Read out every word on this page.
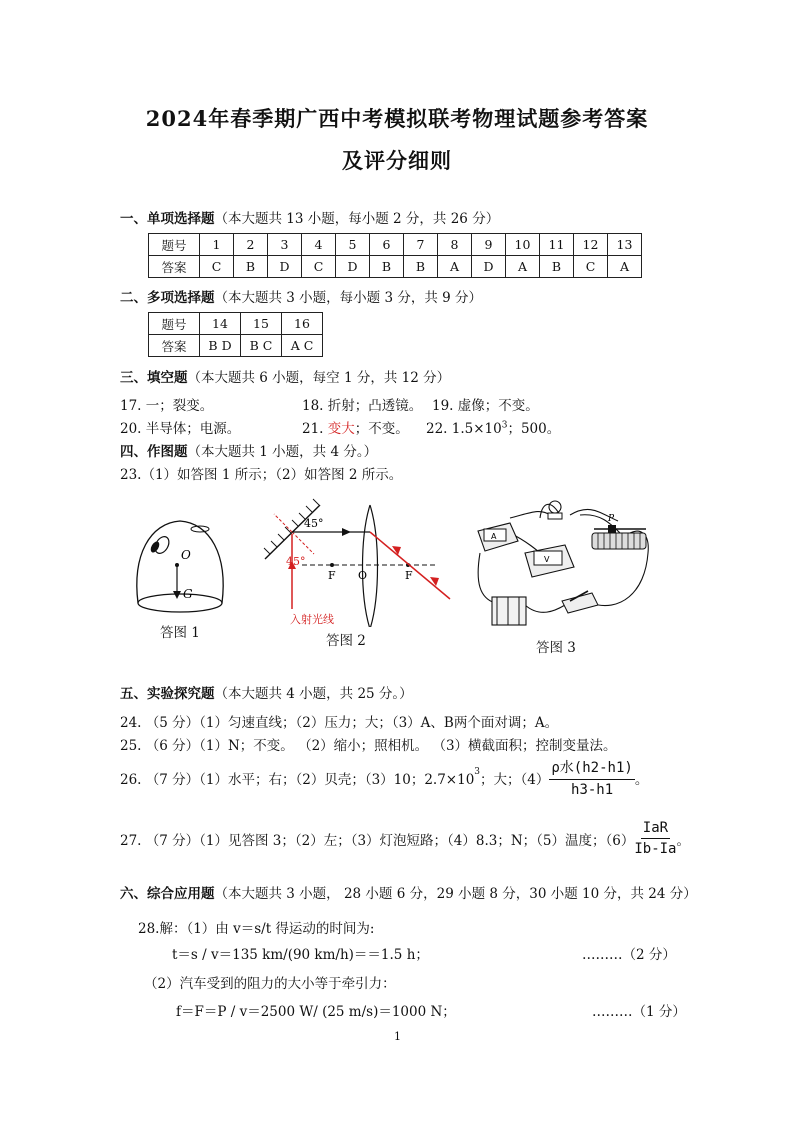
2024年春季期广西中考模拟联考物理试题参考答案
及评分细则
一、单项选择题（本大题共 13 小题，每小题 2 分，共 26 分）
题号	1	2	3	4	5	6	7	8	9	10	11	12	13
答案	C	B	D	C	D	B	B	A	D	A	B	C	A
二、多项选择题（本大题共 3 小题，每小题 3 分，共 9 分）
题号	14	15	16
答案	B D	B C	A C
三、填空题（本大题共 6 小题，每空 1 分，共 12 分）
17. 一；裂变。	18. 折射；凸透镜。 19. 虚像；不变。
20. 半导体；电源。	21. 变大；不变。 22. $1.5\times 10^3$；500。
四、作图题（本大题共 1 小题，共 4 分。）
23.（1）如答图 1 所示；（2）如答图 2 所示。
O
G
答图 1
45°
45°
F O	F
入射光线
答图 2
A
V
P
答图 3
五、实验探究题（本大题共 4 小题，共 25 分。）
24. （5 分）（1）匀速直线；（2）压力；大；（3）A、B两个面对调；A。
25. （6 分）（1）N；不变。 （2）缩小；照相机。 （3）横截面积；控制变量法。
26. （7 分）（1）水平；右；（2）贝壳；（3）10；$2.7\times 10^3$ ；大；$(4) \frac{\text{ρ水(h2-h1)}}{h3-h1}$ 。
27. （7 分）（1）见答图 3；（2）左；（3）灯泡短路；（4）8.3；N；（5）温度；$(6) \frac{\text{IaR}}{Ib-Ia}$ 。
六、综合应用题（本大题共 3 小题， 28 小题 6 分，29 小题 8 分，30 小题 10 分，共 24 分）
28.解：（1）由 v＝s/t 得运动的时间为:
t＝s / v＝135 km/(90 km/h)＝＝1.5 h；	………（2 分）
（2）汽车受到的阻力的大小等于牵引力：
f＝F＝P / v＝2500 W/ (25 m/s)＝1000 N；	………（1 分）
1
